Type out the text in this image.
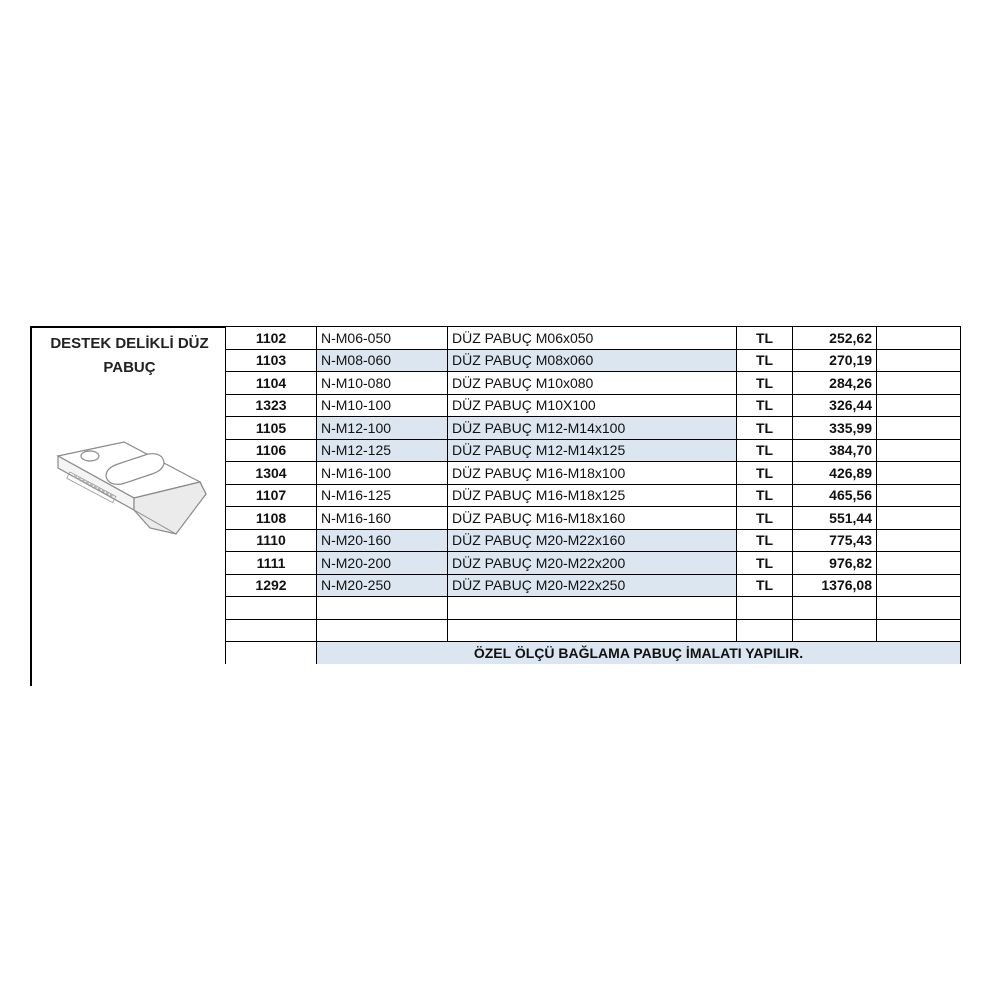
DESTEK DELİKLİ DÜZ
PABUÇ
1102	N-M06-050	DÜZ PABUÇ M06x050	TL	252,62	
1103	N-M08-060	DÜZ PABUÇ M08x060	TL	270,19	
1104	N-M10-080	DÜZ PABUÇ M10x080	TL	284,26	
1323	N-M10-100	DÜZ PABUÇ M10X100	TL	326,44	
1105	N-M12-100	DÜZ PABUÇ M12-M14x100	TL	335,99	
1106	N-M12-125	DÜZ PABUÇ M12-M14x125	TL	384,70	
1304	N-M16-100	DÜZ PABUÇ M16-M18x100	TL	426,89	
1107	N-M16-125	DÜZ PABUÇ M16-M18x125	TL	465,56	
1108	N-M16-160	DÜZ PABUÇ M16-M18x160	TL	551,44	
1110	N-M20-160	DÜZ PABUÇ M20-M22x160	TL	775,43	
1111	N-M20-200	DÜZ PABUÇ M20-M22x200	TL	976,82	
1292	N-M20-250	DÜZ PABUÇ M20-M22x250	TL	1376,08	

	ÖZEL ÖLÇÜ BAĞLAMA PABUÇ İMALATI YAPILIR.				
